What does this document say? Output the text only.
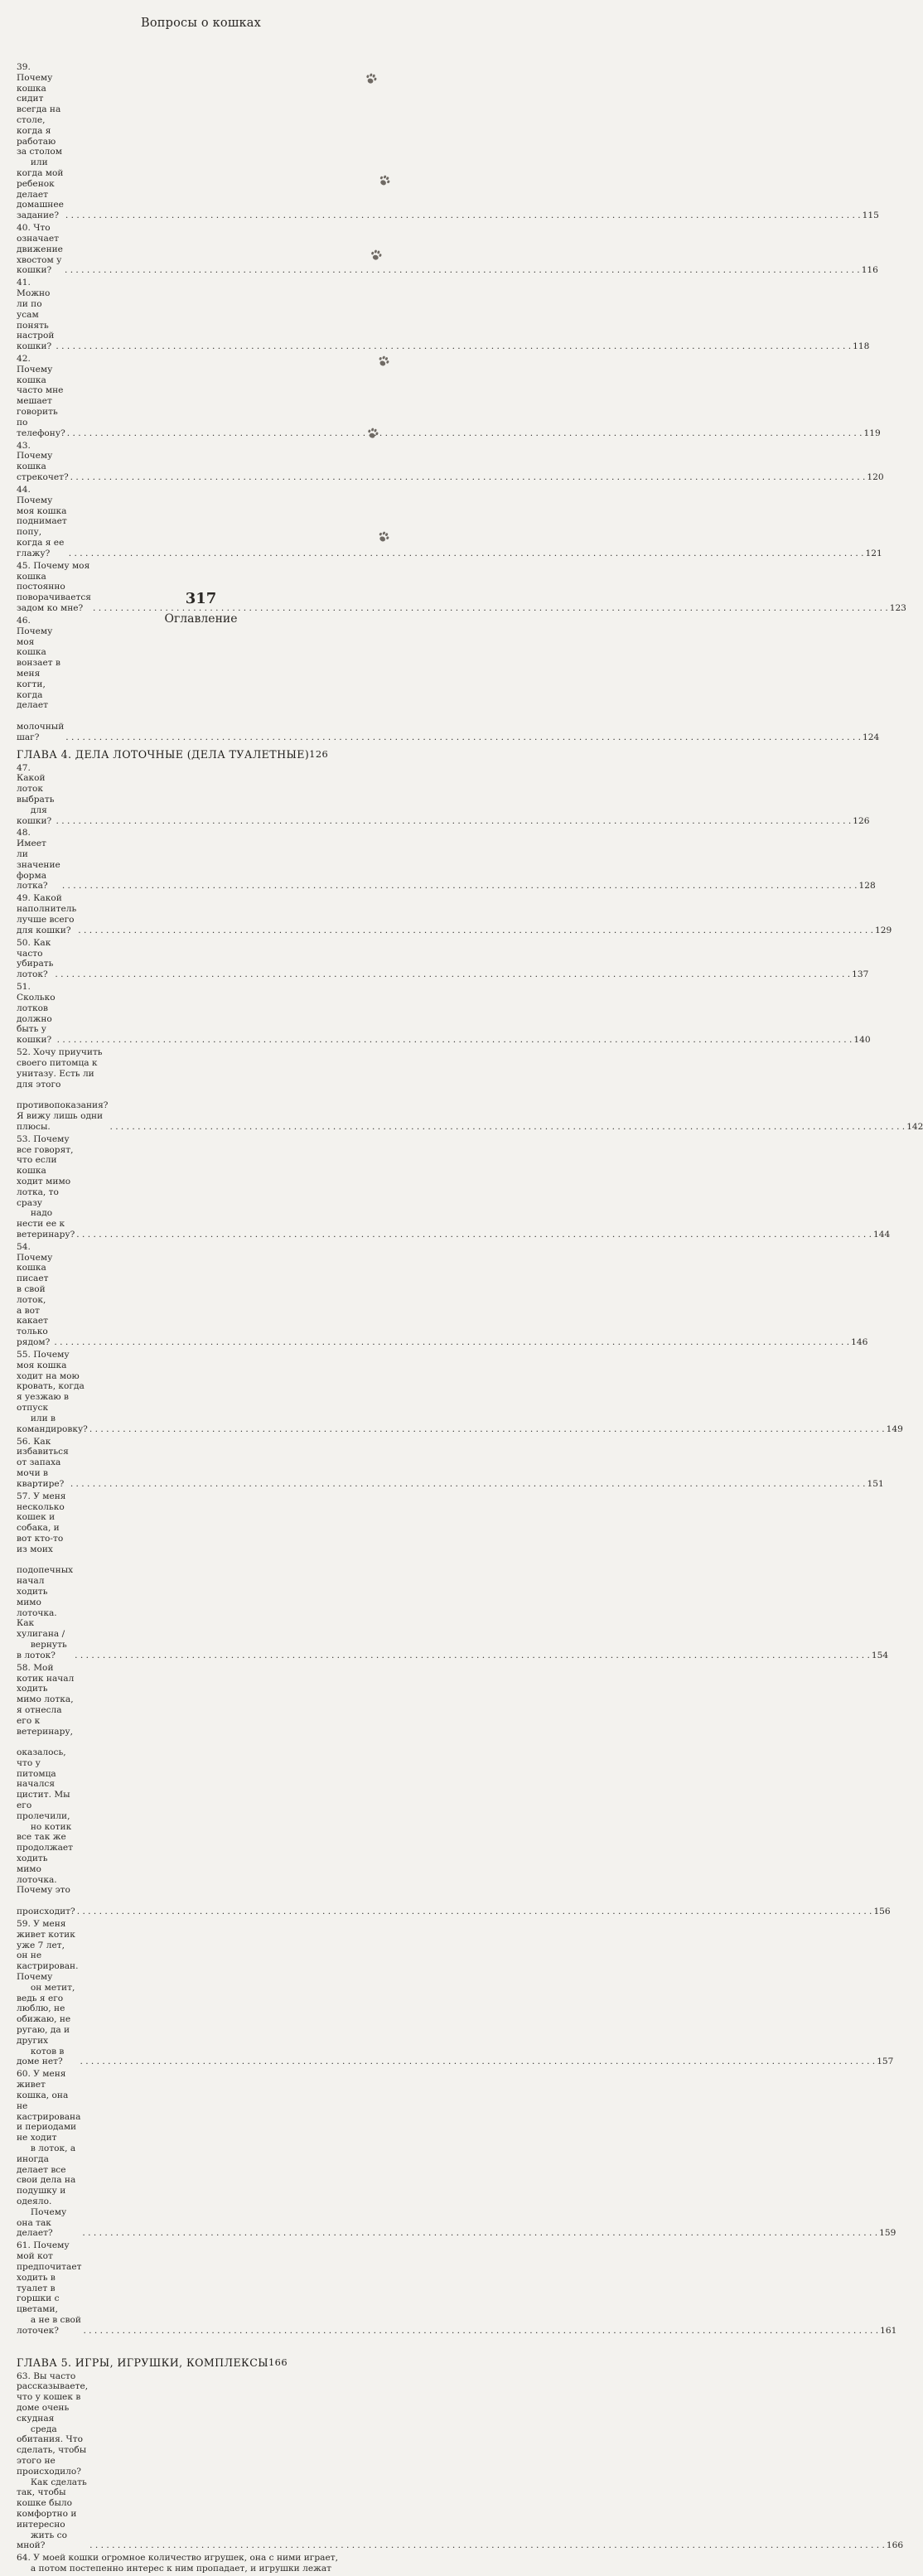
Вопросы о кошках
39. Почему кошка сидит всегда на столе, когда я работаю за столом
или когда мой ребенок делает домашнее задание? . . .	115
40. Что означает движение хвостом у кошки? . . .	116
41. Можно ли по усам понять настрой кошки? . . .	118
42. Почему кошка часто мне мешает говорить по телефону? . . .	119
43. Почему кошка стрекочет? . . .	120
44. Почему моя кошка поднимает попу, когда я ее глажу? . . .	121
45. Почему моя кошка постоянно поворачивается задом ко мне? . . .	123
46. Почему моя кошка вонзает в меня когти, когда делает
молочный шаг? . . .	124
ГЛАВА 4. ДЕЛА ЛОТОЧНЫЕ (ДЕЛА ТУАЛЕТНЫЕ) 126
47. Какой лоток выбрать
для кошки? . . .	126
48. Имеет ли значение форма лотка? . . .	128
49. Какой наполнитель лучше всего для кошки? . . .	129
50. Как часто убирать лоток? . . .	137
51. Сколько лотков должно быть у кошки? . . .	140
52. Хочу приучить своего питомца к унитазу. Есть ли для этого
противопоказания? Я вижу лишь одни плюсы. . . .	142
53. Почему все говорят, что если кошка ходит мимо лотка, то сразу
надо нести ее к ветеринару? . . .	144
54. Почему кошка писает в свой лоток, а вот какает только рядом? . . .	146
55. Почему моя кошка ходит на мою кровать, когда я уезжаю в отпуск
или в командировку? . . .	149
56. Как избавиться от запаха мочи в квартире? . . .	151
57. У меня несколько кошек и собака, и вот кто-то из моих
подопечных начал ходить мимо лоточка. Как хулигана /
вернуть в лоток? . . .	154
58. Мой котик начал ходить мимо лотка,  я отнесла его к ветеринару,
оказалось, что у питомца начался цистит. Мы его пролечили,
но котик все так же продолжает ходить мимо лоточка. Почему это
происходит? . . .	156
59. У меня живет котик уже 7 лет, он не кастрирован. Почему
он метит, ведь я его люблю, не обижаю, не ругаю, да и других
котов в доме нет? . . .	157
60. У меня живет кошка, она не кастрирована и периодами не ходит
в лоток, а иногда делает все свои дела на подушку и одеяло.
Почему она так делает? . . .	159
61. Почему мой кот предпочитает ходить в туалет в горшки с цветами,
а не в свой лоточек? . . .	161
ГЛАВА 5. ИГРЫ, ИГРУШКИ, КОМПЛЕКСЫ 166
63. Вы часто рассказываете, что у кошек в доме очень скудная
среда обитания. Что сделать, чтобы этого не происходило?
Как сделать так, чтобы кошке было комфортно и интересно
жить со мной? . . .	166
64. У моей кошки огромное количество игрушек, она с ними играет,
а потом постепенно интерес к ним пропадает, и игрушки лежат
317
Оглавление
